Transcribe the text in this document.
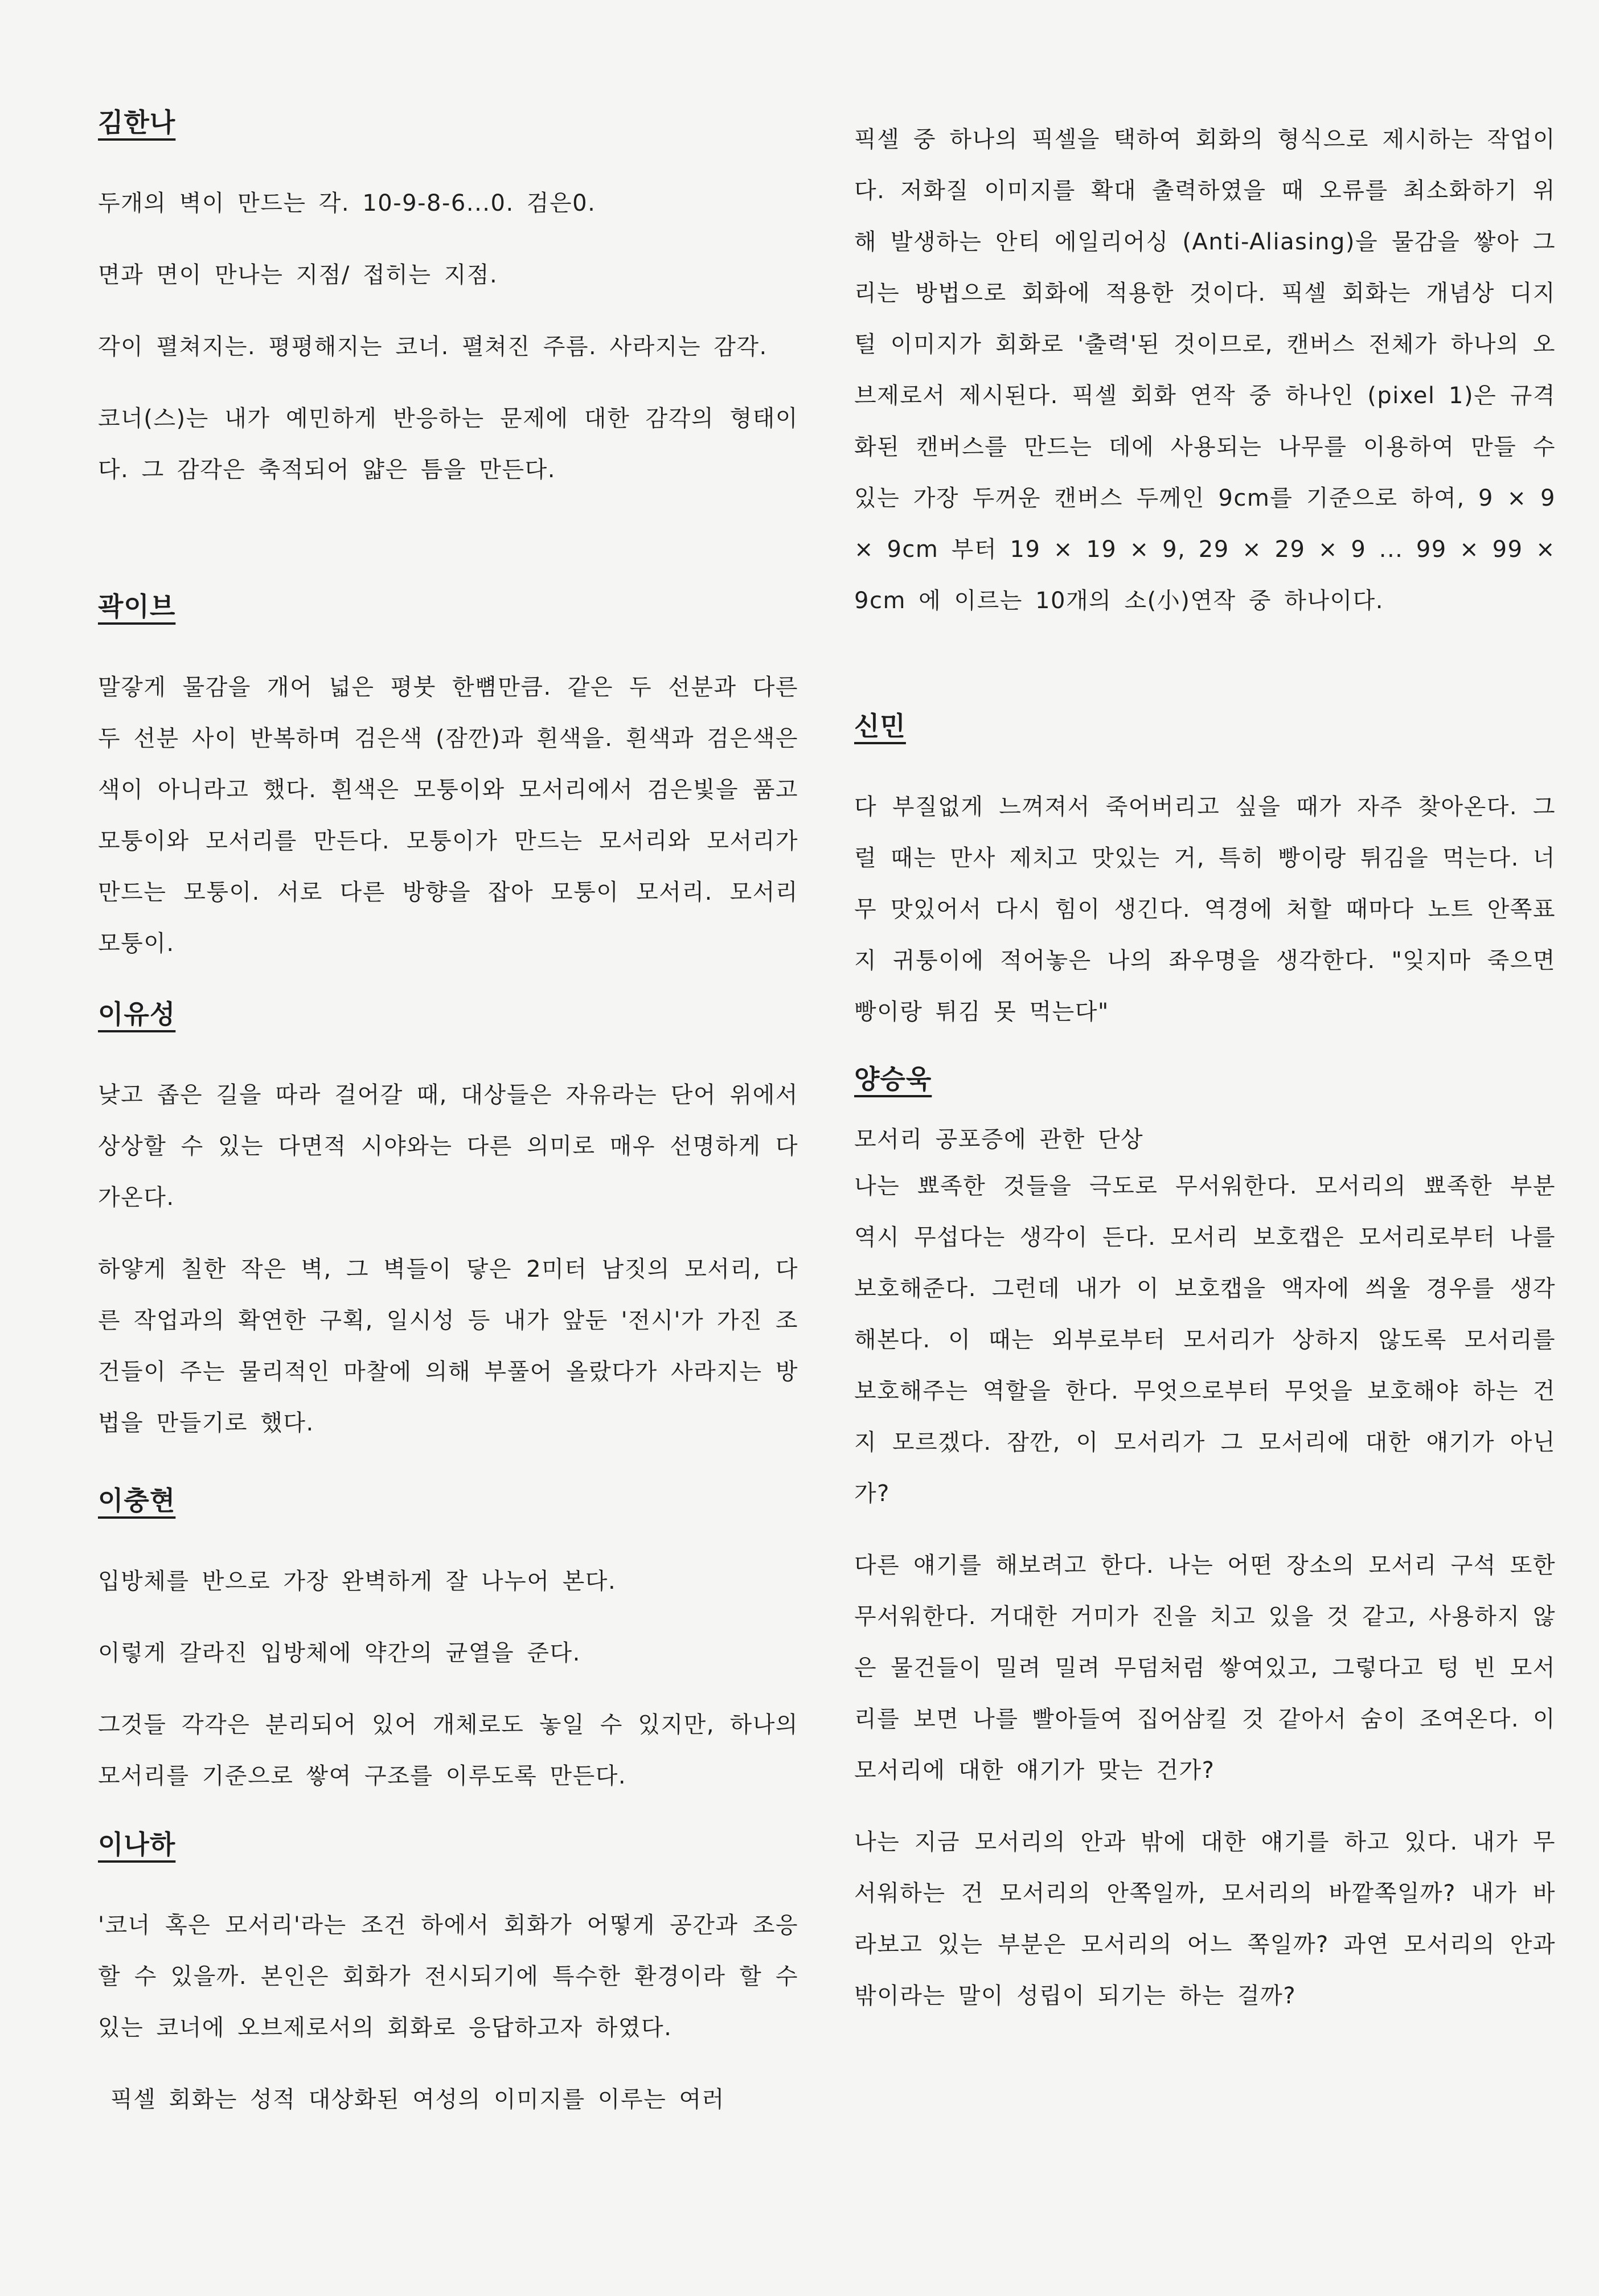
김한나

두개의 벽이 만드는 각. 10-9-8-6...0. 검은0.

면과 면이 만나는 지점/ 접히는 지점.

각이 펼쳐지는. 평평해지는 코너. 펼쳐진 주름. 사라지는 감각.

코너(스)는 내가 예민하게 반응하는 문제에 대한 감각의 형태이다. 그 감각은 축적되어 얇은 틈을 만든다.

곽이브

말갛게 물감을 개어 넓은 평붓 한뼘만큼. 같은 두 선분과 다른 두 선분 사이 반복하며 검은색 (잠깐)과 흰색을. 흰색과 검은색은 색이 아니라고 했다. 흰색은 모퉁이와 모서리에서 검은빛을 품고 모퉁이와 모서리를 만든다. 모퉁이가 만드는 모서리와 모서리가 만드는 모퉁이. 서로 다른 방향을 잡아 모퉁이 모서리. 모서리 모퉁이.

이유성

낮고 좁은 길을 따라 걸어갈 때, 대상들은 자유라는 단어 위에서 상상할 수 있는 다면적 시야와는 다른 의미로 매우 선명하게 다가온다.

하얗게 칠한 작은 벽, 그 벽들이 닿은 2미터 남짓의 모서리, 다른 작업과의 확연한 구획, 일시성 등 내가 앞둔 '전시'가 가진 조건들이 주는 물리적인 마찰에 의해 부풀어 올랐다가 사라지는 방법을 만들기로 했다.

이충현

입방체를 반으로 가장 완벽하게 잘 나누어 본다.

이렇게 갈라진 입방체에 약간의 균열을 준다.

그것들 각각은 분리되어 있어 개체로도 놓일 수 있지만, 하나의 모서리를 기준으로 쌓여 구조를 이루도록 만든다.

이나하

'코너 혹은 모서리'라는 조건 하에서 회화가 어떻게 공간과 조응할 수 있을까. 본인은 회화가 전시되기에 특수한 환경이라 할 수 있는 코너에 오브제로서의 회화로 응답하고자 하였다.

픽셀 회화는 성적 대상화된 여성의 이미지를 이루는 여러

픽셀 중 하나의 픽셀을 택하여 회화의 형식으로 제시하는 작업이다. 저화질 이미지를 확대 출력하였을 때 오류를 최소화하기 위해 발생하는 안티 에일리어싱 (Anti-Aliasing)을 물감을 쌓아 그리는 방법으로 회화에 적용한 것이다. 픽셀 회화는 개념상 디지털 이미지가 회화로 '출력'된 것이므로, 캔버스 전체가 하나의 오브제로서 제시된다. 픽셀 회화 연작 중 하나인 (pixel 1)은 규격화된 캔버스를 만드는 데에 사용되는 나무를 이용하여 만들 수 있는 가장 두꺼운 캔버스 두께인 9cm를 기준으로 하여, 9 × 9 × 9cm 부터 19 × 19 × 9, 29 × 29 × 9 ... 99 × 99 × 9cm 에 이르는 10개의 소(小)연작 중 하나이다.

신민

다 부질없게 느껴져서 죽어버리고 싶을 때가 자주 찾아온다. 그럴 때는 만사 제치고 맛있는 거, 특히 빵이랑 튀김을 먹는다. 너무 맛있어서 다시 힘이 생긴다. 역경에 처할 때마다 노트 안쪽표지 귀퉁이에 적어놓은 나의 좌우명을 생각한다. "잊지마 죽으면 빵이랑 튀김 못 먹는다"

양승욱

모서리 공포증에 관한 단상

나는 뾰족한 것들을 극도로 무서워한다. 모서리의 뾰족한 부분 역시 무섭다는 생각이 든다. 모서리 보호캡은 모서리로부터 나를 보호해준다. 그런데 내가 이 보호캡을 액자에 씌울 경우를 생각해본다. 이 때는 외부로부터 모서리가 상하지 않도록 모서리를 보호해주는 역할을 한다. 무엇으로부터 무엇을 보호해야 하는 건지 모르겠다. 잠깐, 이 모서리가 그 모서리에 대한 얘기가 아닌가?

다른 얘기를 해보려고 한다. 나는 어떤 장소의 모서리 구석 또한 무서워한다. 거대한 거미가 진을 치고 있을 것 같고, 사용하지 않은 물건들이 밀려 밀려 무덤처럼 쌓여있고, 그렇다고 텅 빈 모서리를 보면 나를 빨아들여 집어삼킬 것 같아서 숨이 조여온다. 이 모서리에 대한 얘기가 맞는 건가?

나는 지금 모서리의 안과 밖에 대한 얘기를 하고 있다. 내가 무서워하는 건 모서리의 안쪽일까, 모서리의 바깥쪽일까? 내가 바라보고 있는 부분은 모서리의 어느 쪽일까? 과연 모서리의 안과 밖이라는 말이 성립이 되기는 하는 걸까?
